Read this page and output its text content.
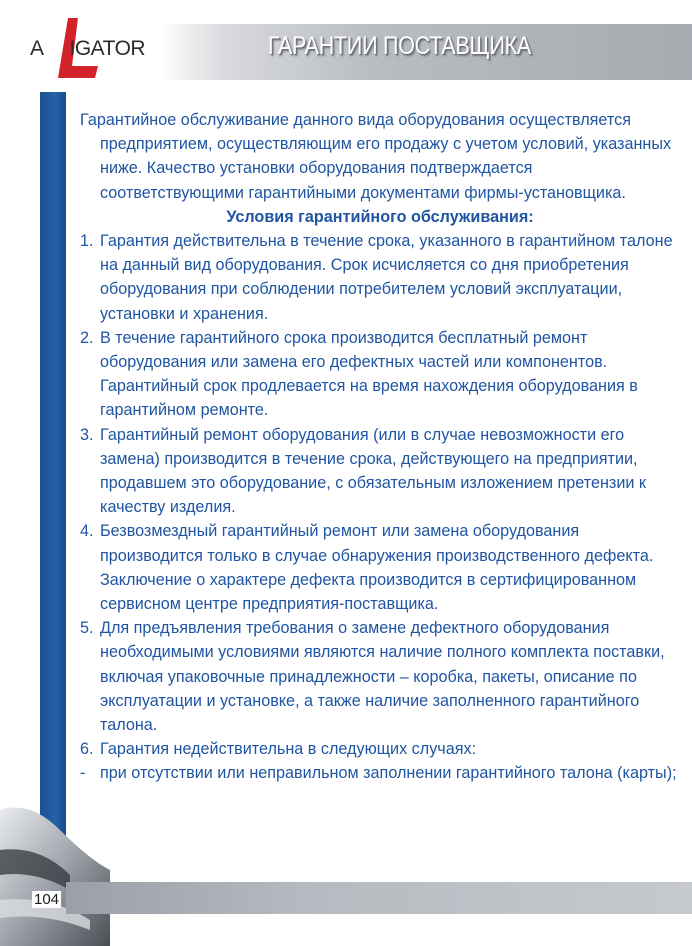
A IGATOR	ГАРАНТИИ ПОСТАВЩИКА

Гарантийное обслуживание данного вида оборудования осуществляется предприятием, осуществляющим его продажу с учетом условий, указанных ниже. Качество установки оборудования подтверждается соответствующими гарантийными документами фирмы-установщика.

Условия гарантийного обслуживания:

1. Гарантия действительна в течение срока, указанного в гарантийном талоне на данный вид оборудования. Срок исчисляется со дня приобретения оборудования при соблюдении потребителем условий эксплуатации, установки и хранения.

2. В течение гарантийного срока производится бесплатный ремонт оборудования или замена его дефектных частей или компонентов. Гарантийный срок продлевается на время нахождения оборудования в гарантийном ремонте.

3. Гарантийный ремонт оборудования (или в случае невозможности его замена) производится в течение срока, действующего на предприятии, продавшем это оборудование, с обязательным изложением претензии к качеству изделия.

4. Безвозмездный гарантийный ремонт или замена оборудования производится только в случае обнаружения производственного дефекта. Заключение о характере дефекта производится в сертифицированном сервисном центре предприятия-поставщика.

5. Для предъявления требования о замене дефектного оборудования необходимыми условиями являются наличие полного комплекта поставки, включая упаковочные принадлежности – коробка, пакеты, описание по эксплуатации и установке, а также наличие заполненного гарантийного талона.

6. Гарантия недействительна в следующих случаях:

- при отсутствии или неправильном заполнении гарантийного талона (карты);

104
